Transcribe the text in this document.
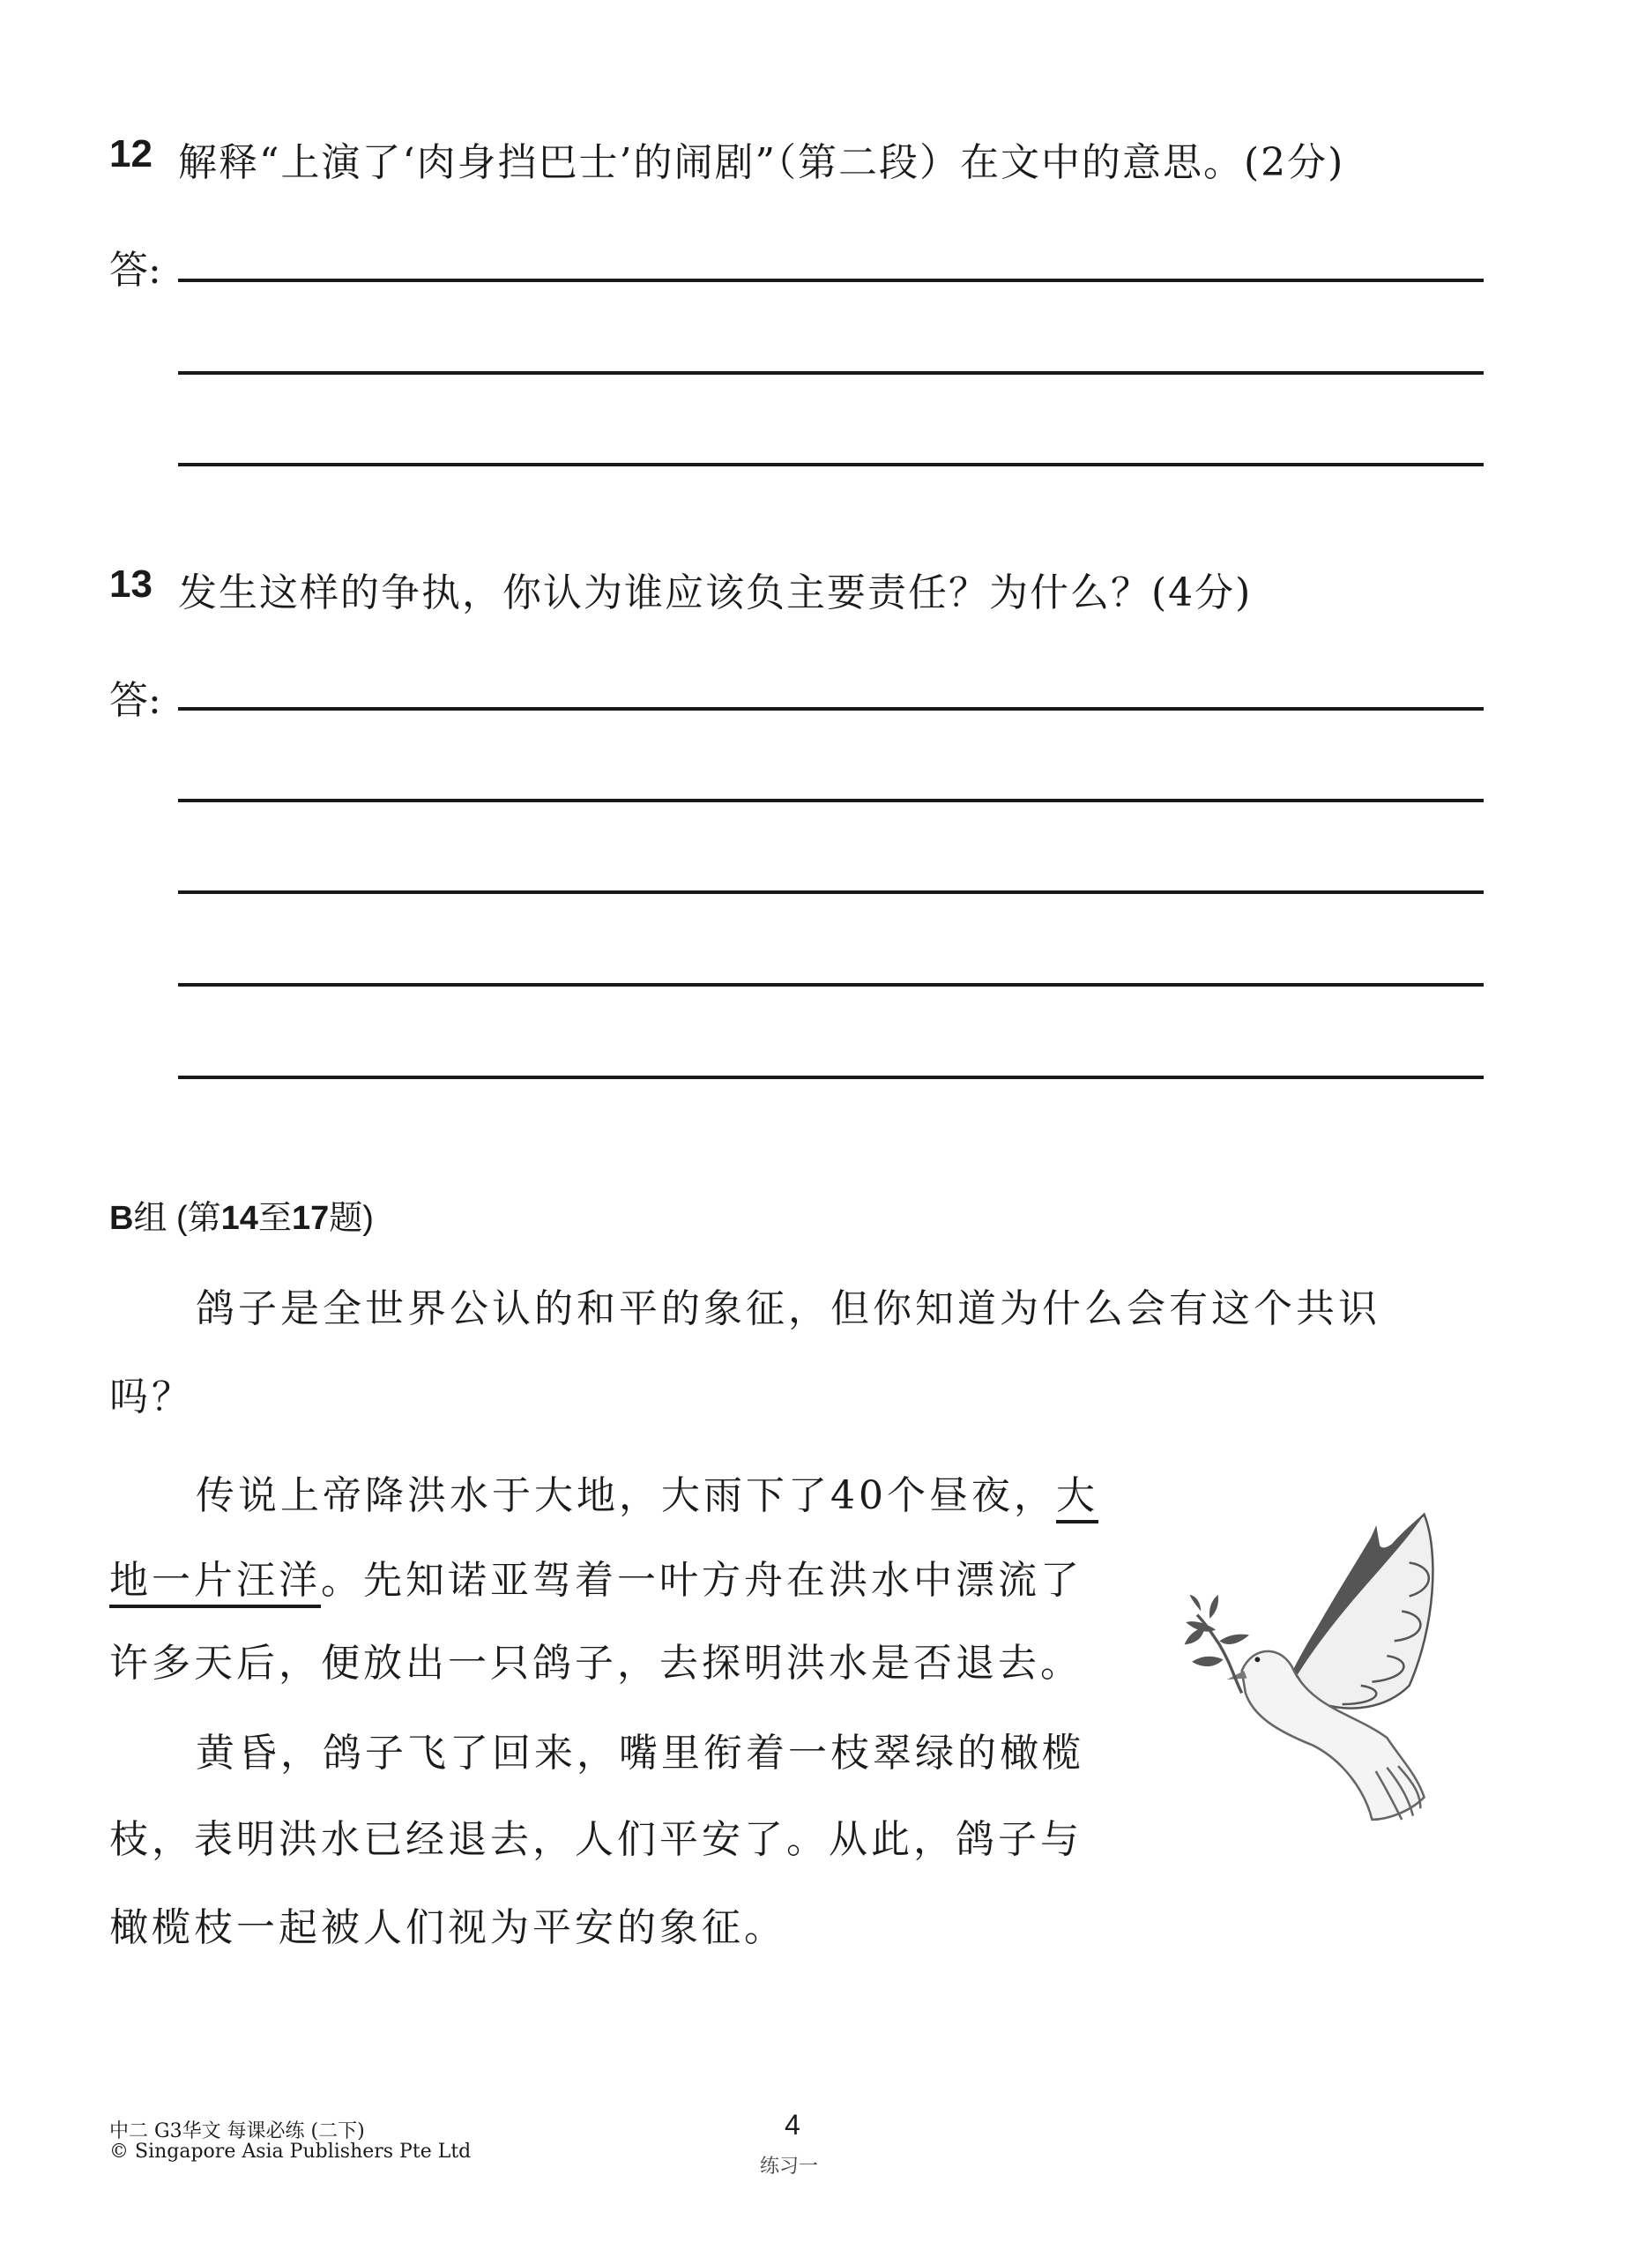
12 解释“上演了‘肉身挡巴士’的闹剧”（第二段）在文中的意思。(2分)
答:
13 发生这样的争执，你认为谁应该负主要责任？为什么？(4分)
答:
B组 (第14至17题)
鸽子是全世界公认的和平的象征，但你知道为什么会有这个共识
吗？
传说上帝降洪水于大地，大雨下了40个昼夜，大
地一片汪洋。先知诺亚驾着一叶方舟在洪水中漂流了
许多天后，便放出一只鸽子，去探明洪水是否退去。
黄昏，鸽子飞了回来，嘴里衔着一枝翠绿的橄榄
枝，表明洪水已经退去，人们平安了。从此，鸽子与
橄榄枝一起被人们视为平安的象征。
中二 G3华文 每课必练 (二下)
© Singapore Asia Publishers Pte Ltd
4
练习一
